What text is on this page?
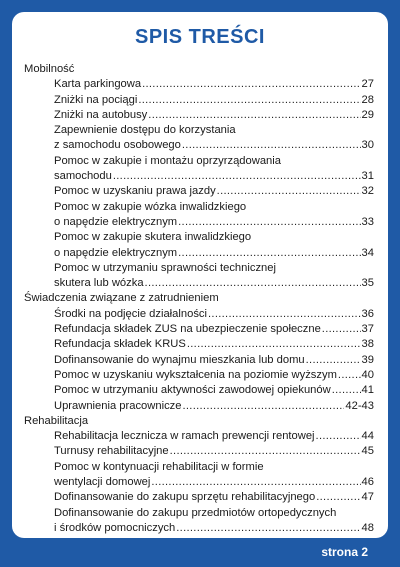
SPIS TREŚCI
Mobilność
Karta parkingowa .....	27
Zniżki na pociągi .....	28
Zniżki na autobusy .....	29
Zapewnienie dostępu do korzystania
z samochodu osobowego .....	30
Pomoc w zakupie i montażu oprzyrządowania
samochodu .....	31
Pomoc w uzyskaniu prawa jazdy .....	32
Pomoc w zakupie wózka inwalidzkiego
o napędzie elektrycznym .....	33
Pomoc w zakupie skutera inwalidzkiego
o napędzie elektrycznym .....	34
Pomoc w utrzymaniu sprawności technicznej
skutera lub wózka .....	35
Świadczenia związane z zatrudnieniem
Środki na podjęcie działalności .....	36
Refundacja składek ZUS na ubezpieczenie społeczne .....	37
Refundacja składek KRUS .....	38
Dofinansowanie do wynajmu mieszkania lub domu .....	39
Pomoc w uzyskaniu wykształcenia na poziomie wyższym ..... 40
Pomoc w utrzymaniu aktywności zawodowej opiekunów .....	41
Uprawnienia pracownicze .....	42-43
Rehabilitacja
Rehabilitacja lecznicza w ramach prewencji rentowej .....	44
Turnusy rehabilitacyjne .....	45
Pomoc w kontynuacji rehabilitacji w formie
wentylacji domowej .....	46
Dofinansowanie do zakupu sprzętu rehabilitacyjnego .....	47
Dofinansowanie do zakupu przedmiotów ortopedycznych
i środków pomocniczych .....	48
strona 2
